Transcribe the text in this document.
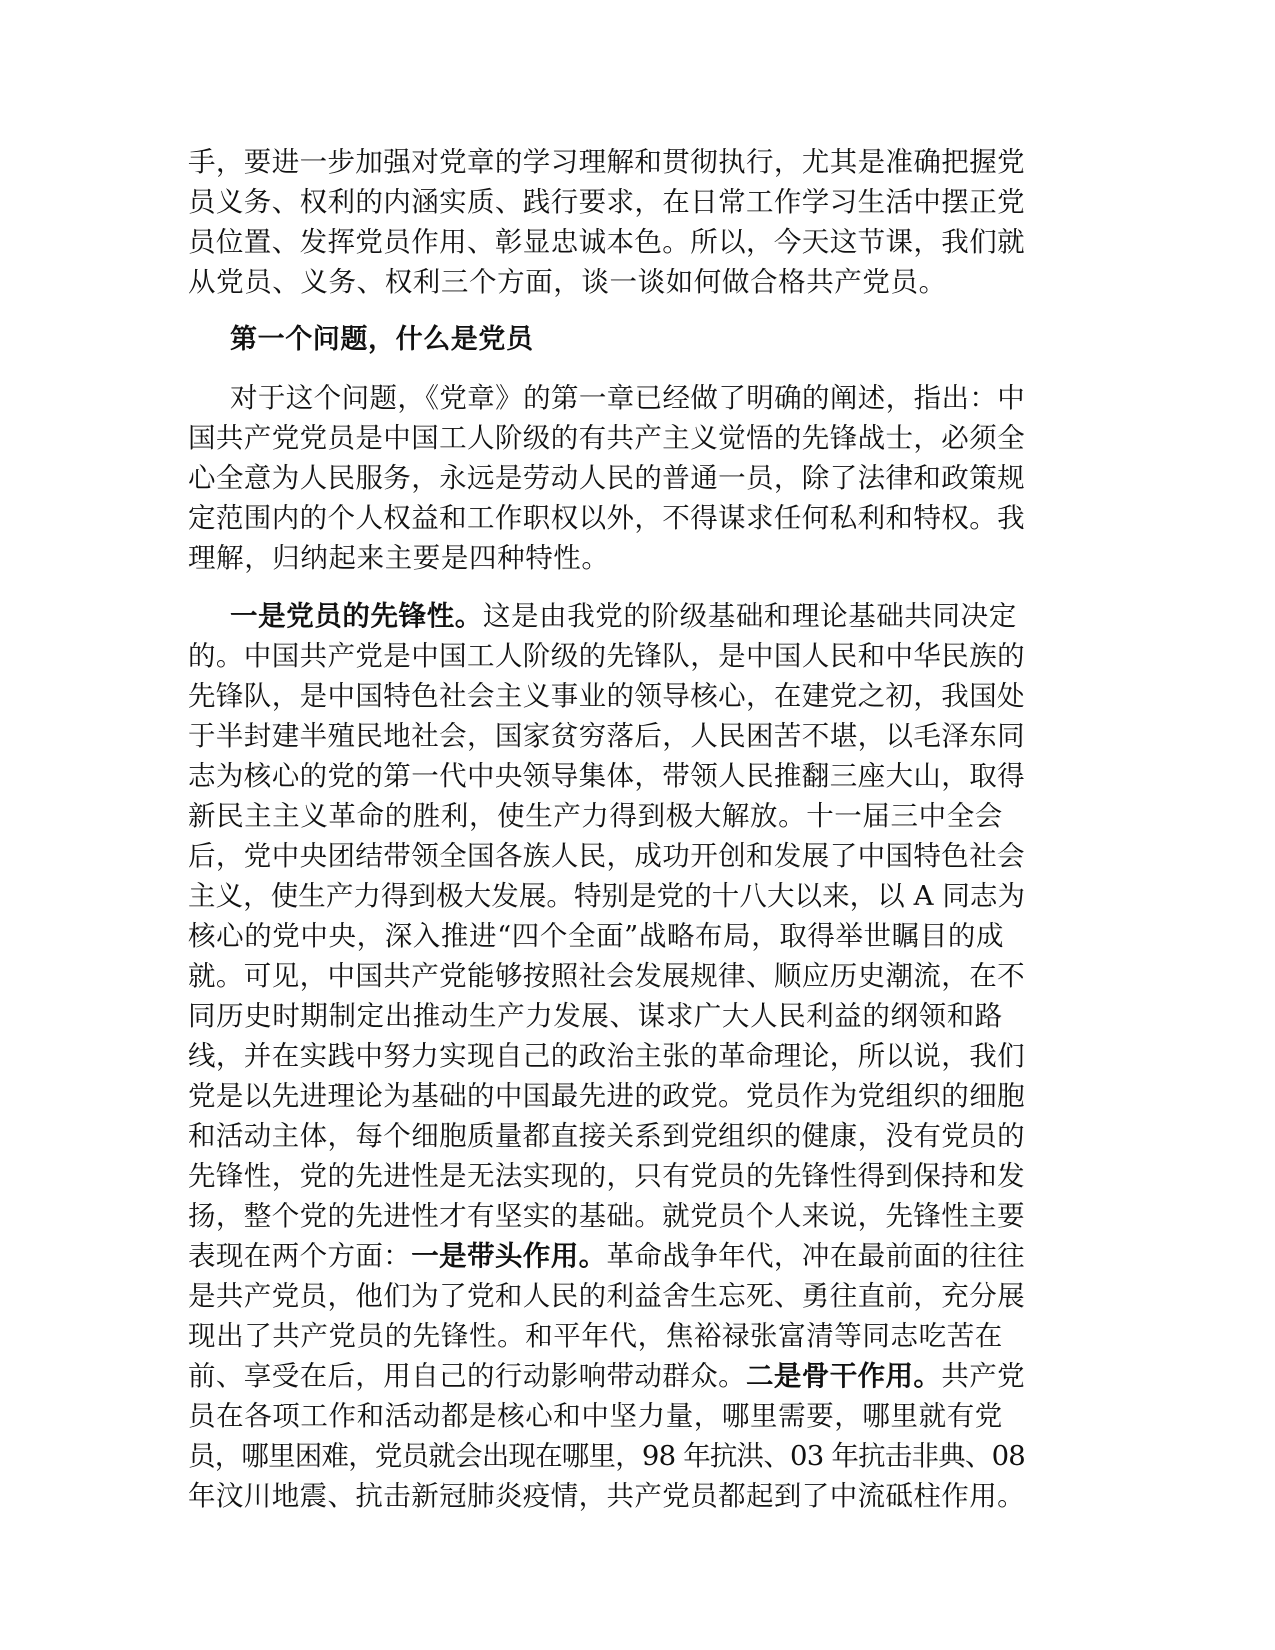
手，要进一步加强对党章的学习理解和贯彻执行，尤其是准确把握党
员义务、权利的内涵实质、践行要求，在日常工作学习生活中摆正党
员位置、发挥党员作用、彰显忠诚本色。所以，今天这节课，我们就
从党员、义务、权利三个方面，谈一谈如何做合格共产党员。
第一个问题，什么是党员
对于这个问题，《党章》的第一章已经做了明确的阐述，指出：中
国共产党党员是中国工人阶级的有共产主义觉悟的先锋战士，必须全
心全意为人民服务，永远是劳动人民的普通一员，除了法律和政策规
定范围内的个人权益和工作职权以外，不得谋求任何私利和特权。我
理解，归纳起来主要是四种特性。
一是党员的先锋性。这是由我党的阶级基础和理论基础共同决定
的。中国共产党是中国工人阶级的先锋队，是中国人民和中华民族的
先锋队，是中国特色社会主义事业的领导核心，在建党之初，我国处
于半封建半殖民地社会，国家贫穷落后，人民困苦不堪，以毛泽东同
志为核心的党的第一代中央领导集体，带领人民推翻三座大山，取得
新民主主义革命的胜利，使生产力得到极大解放。十一届三中全会
后，党中央团结带领全国各族人民，成功开创和发展了中国特色社会
主义，使生产力得到极大发展。特别是党的十八大以来，以 A 同志为
核心的党中央，深入推进“四个全面”战略布局，取得举世瞩目的成
就。可见，中国共产党能够按照社会发展规律、顺应历史潮流，在不
同历史时期制定出推动生产力发展、谋求广大人民利益的纲领和路
线，并在实践中努力实现自己的政治主张的革命理论，所以说，我们
党是以先进理论为基础的中国最先进的政党。党员作为党组织的细胞
和活动主体，每个细胞质量都直接关系到党组织的健康，没有党员的
先锋性，党的先进性是无法实现的，只有党员的先锋性得到保持和发
扬，整个党的先进性才有坚实的基础。就党员个人来说，先锋性主要
表现在两个方面：一是带头作用。革命战争年代，冲在最前面的往往
是共产党员，他们为了党和人民的利益舍生忘死、勇往直前，充分展
现出了共产党员的先锋性。和平年代，焦裕禄张富清等同志吃苦在
前、享受在后，用自己的行动影响带动群众。二是骨干作用。共产党
员在各项工作和活动都是核心和中坚力量，哪里需要，哪里就有党
员，哪里困难，党员就会出现在哪里，98 年抗洪、03 年抗击非典、08
年汶川地震、抗击新冠肺炎疫情，共产党员都起到了中流砥柱作用。
